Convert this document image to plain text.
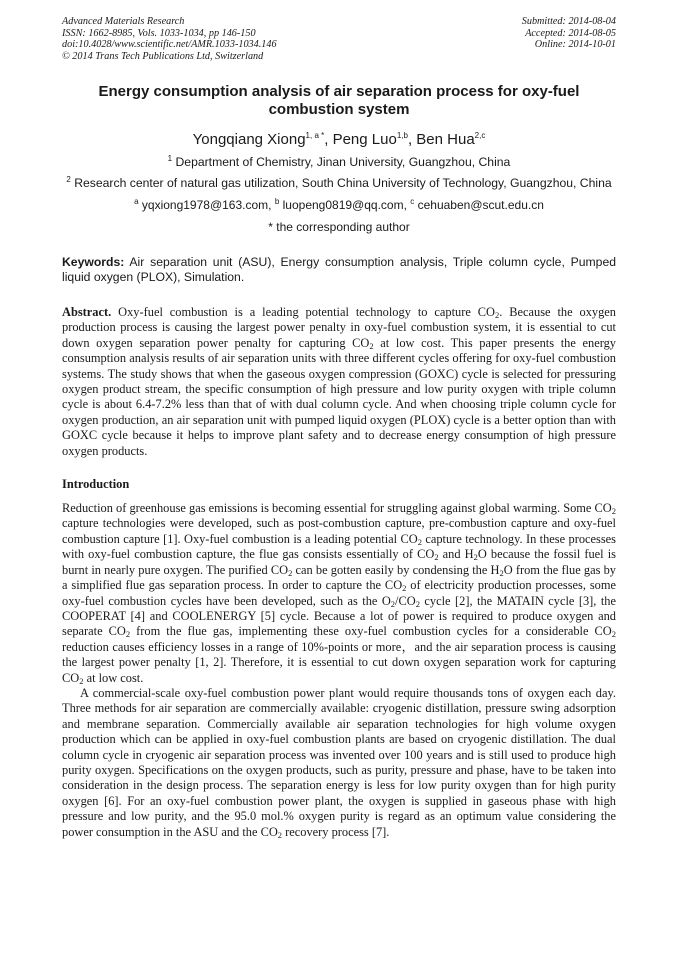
Advanced Materials Research
ISSN: 1662-8985, Vols. 1033-1034, pp 146-150
doi:10.4028/www.scientific.net/AMR.1033-1034.146
© 2014 Trans Tech Publications Ltd, Switzerland
Submitted: 2014-08-04
Accepted: 2014-08-05
Online: 2014-10-01
Energy consumption analysis of air separation process for oxy-fuel combustion system
Yongqiang Xiong$^{1, a *}$, Peng Luo$^{1,b}$, Ben Hua$^{2,c}$
$^1$ Department of Chemistry, Jinan University, Guangzhou, China
$^2$ Research center of natural gas utilization, South China University of Technology, Guangzhou, China
$^a$ yqxiong1978@163.com, $^b$ luopeng0819@qq.com, $^c$ cehuaben@scut.edu.cn
* the corresponding author
Keywords: Air separation unit (ASU), Energy consumption analysis, Triple column cycle, Pumped liquid oxygen (PLOX), Simulation.
Abstract. Oxy-fuel combustion is a leading potential technology to capture $CO_2$. Because the oxygen production process is causing the largest power penalty in oxy-fuel combustion system, it is essential to cut down oxygen separation power penalty for capturing $CO_2$ at low cost. This paper presents the energy consumption analysis results of air separation units with three different cycles offering for oxy-fuel combustion systems. The study shows that when the gaseous oxygen compression (GOXC) cycle is selected for pressuring oxygen product stream, the specific consumption of high pressure and low purity oxygen with triple column cycle is about 6.4-7.2% less than that of with dual column cycle. And when choosing triple column cycle for oxygen production, an air separation unit with pumped liquid oxygen (PLOX) cycle is a better option than with GOXC cycle because it helps to improve plant safety and to decrease energy consumption of high pressure oxygen products.
Introduction
Reduction of greenhouse gas emissions is becoming essential for struggling against global warming. Some $CO_2$ capture technologies were developed, such as post-combustion capture, pre-combustion capture and oxy-fuel combustion capture [1]. Oxy-fuel combustion is a leading potential $CO_2$ capture technology. In these processes with oxy-fuel combustion capture, the flue gas consists essentially of $CO_2$ and $H_2O$ because the fossil fuel is burnt in nearly pure oxygen. The purified $CO_2$ can be gotten easily by condensing the $H_2O$ from the flue gas by a simplified flue gas separation process. In order to capture the $CO_2$ of electricity production processes, some oxy-fuel combustion cycles have been developed, such as the $O_2/CO_2$ cycle [2], the MATAIN cycle [3], the COOPERAT [4] and COOLENERGY [5] cycle. Because a lot of power is required to produce oxygen and separate $CO_2$ from the flue gas, implementing these oxy-fuel combustion cycles for a considerable $CO_2$ reduction causes efficiency losses in a range of 10%-points or more，and the air separation process is causing the largest power penalty [1, 2]. Therefore, it is essential to cut down oxygen separation work for capturing $CO_2$ at low cost.
A commercial-scale oxy-fuel combustion power plant would require thousands tons of oxygen each day. Three methods for air separation are commercially available: cryogenic distillation, pressure swing adsorption and membrane separation. Commercially available air separation technologies for high volume oxygen production which can be applied in oxy-fuel combustion plants are based on cryogenic distillation. The dual column cycle in cryogenic air separation process was invented over 100 years and is still used to produce high purity oxygen. Specifications on the oxygen products, such as purity, pressure and phase, have to be taken into consideration in the design process. The separation energy is less for low purity oxygen than for high purity oxygen [6]. For an oxy-fuel combustion power plant, the oxygen is supplied in gaseous phase with high pressure and low purity, and the 95.0 mol.% oxygen purity is regard as an optimum value considering the power consumption in the ASU and the $CO_2$ recovery process [7].
